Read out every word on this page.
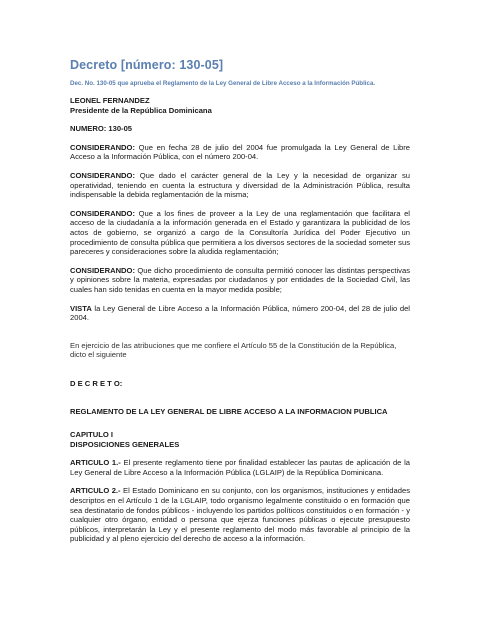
Decreto [número: 130-05]
Dec. No. 130-05 que aprueba el Reglamento de la Ley General de Libre Acceso a la Información Pública.

LEONEL FERNANDEZ

Presidente de la República Dominicana

NUMERO: 130-05

CONSIDERANDO: Que en fecha 28 de julio del 2004 fue promulgada la Ley General de Libre Acceso a la Información Pública, con el número 200-04.

CONSIDERANDO: Que dado el carácter general de la Ley y la necesidad de organizar su operatividad, teniendo en cuenta la estructura y diversidad de la Administración Pública, resulta indispensable la debida reglamentación de la misma;

CONSIDERANDO: Que a los fines de proveer a la Ley de una reglamentación que facilitara el acceso de la ciudadanía a la información generada en el Estado y garantizara la publicidad de los actos de gobierno, se organizó a cargo de la Consultoría Jurídica del Poder Ejecutivo un procedimiento de consulta pública que permitiera a los diversos sectores de la sociedad someter sus pareceres y consideraciones sobre la aludida reglamentación;

CONSIDERANDO: Que dicho procedimiento de consulta permitió conocer las distintas perspectivas y opiniones sobre la materia, expresadas por ciudadanos y por entidades de la Sociedad Civil, las cuales han sido tenidas en cuenta en la mayor medida posible;

VISTA la Ley General de Libre Acceso a la Información Pública, número 200-04, del 28 de julio del 2004.

En ejercicio de las atribuciones que me confiere el Artículo 55 de la Constitución de la República, dicto el siguiente

D E C R E T O:

REGLAMENTO DE LA LEY GENERAL DE LIBRE ACCESO A LA INFORMACION PUBLICA

CAPITULO I

DISPOSICIONES GENERALES

ARTICULO 1.- El presente reglamento tiene por finalidad establecer las pautas de aplicación de la Ley General de Libre Acceso a la Información Pública (LGLAIP) de la República Dominicana.

ARTICULO 2.- El Estado Dominicano en su conjunto, con los organismos, instituciones y entidades descriptos en el Artículo 1 de la LGLAIP, todo organismo legalmente constituido o en formación que sea destinatario de fondos públicos - incluyendo los partidos políticos constituidos o en formación - y cualquier otro órgano, entidad o persona que ejerza funciones públicas o ejecute presupuesto públicos, interpretarán la Ley y el presente reglamento del modo más favorable al principio de la publicidad y al pleno ejercicio del derecho de acceso a la información.
